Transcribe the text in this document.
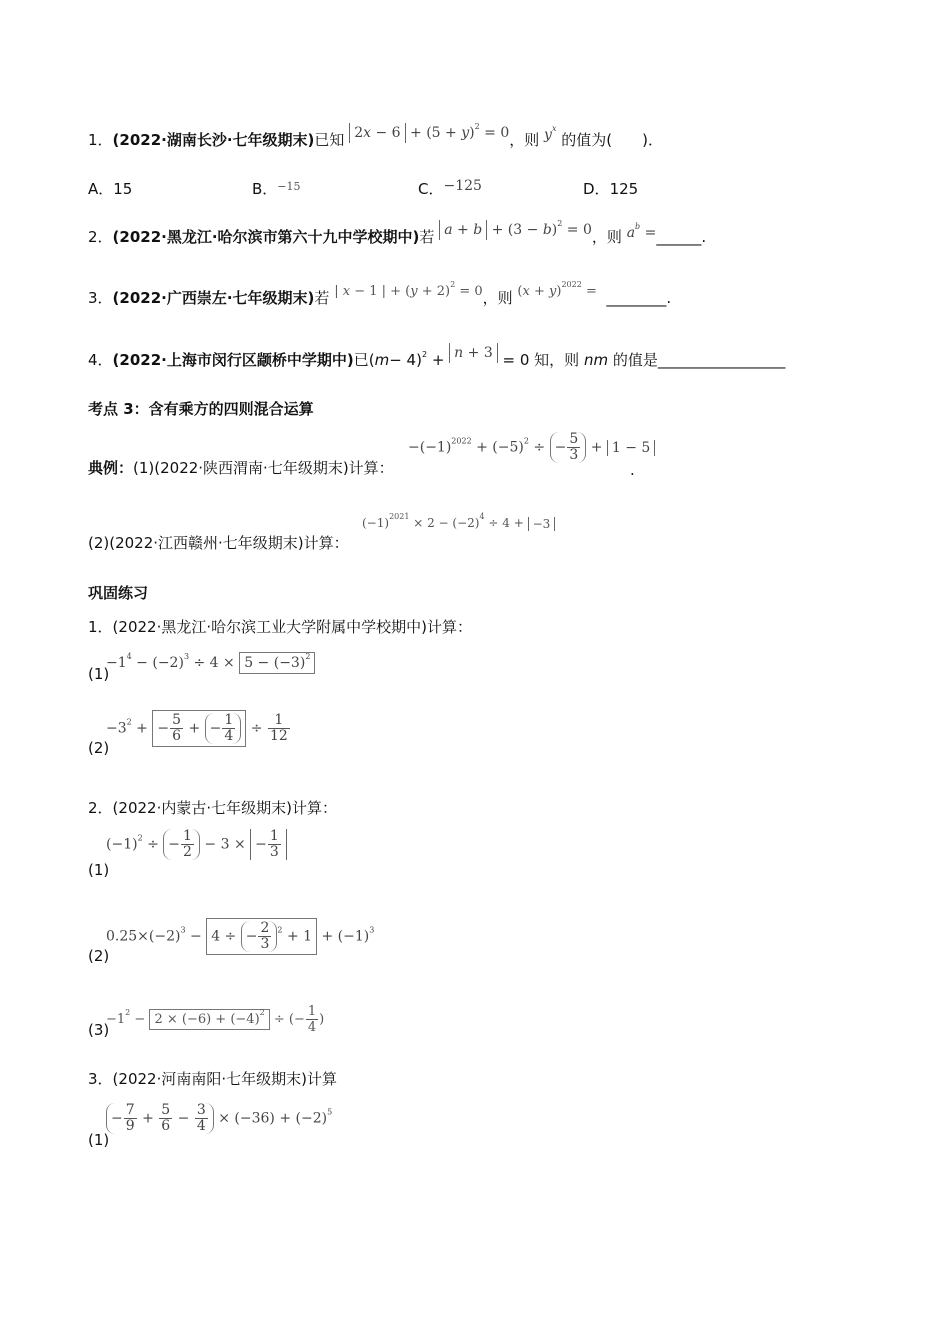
1．(2022·湖南长沙·七年级期末)已知 $2x - 6 + (5 + y)^2 = 0$，则 $y^x$ 的值为(　　)．
A．15	B．$^{-15}$	C．−125	D．125
2．(2022·黑龙江·哈尔滨市第六十九中学校期中)若 $a + b + (3 - b)^2 = 0$，则 $a^b$ =______.
3．(2022·广西崇左·七年级期末)若 | x − 1 | + $(y + 2)^2 = 0$，则 $(x + y)^{2022}$ = ________.
4．(2022·上海市闵行区颛桥中学期中)已$(m- 4)^2 + n + 3 = 0$ 知，则 nm 的值是_________________
考点 3：含有乘方的四则混合运算
典例：(1)(2022·陕西渭南·七年级期末)计算：
$-(-1)^{2022} + (-5)^2$ ÷ − $\frac{5}{3} + 1 - 5$
.
(2)(2022·江西赣州·七年级期末)计算：
$(-1)^{2021} \times 2 - (-2)^4 \div 4 + -3$
巩固练习
1．(2022·黑龙江·哈尔滨工业大学附属中学校期中)计算：
(1)
$-1^4 - (-2)^3 \div 4 \times 5 - (-3)^2$
(2)
$-3^2$ + − $\frac{5}{6}$ + − $\frac{1}{4} \div \frac{1}{12}$
2．(2022·内蒙古·七年级期末)计算：
(1)
$(-1)^2$ ÷ − $\frac{1}{2} - 3$ × − $\frac{1}{3}$
(2)
$0.25\times(-2)^3 - 4$ ÷ − $\frac{2}{3} ^2 + 1 + (-1)^3$
(3)
$-1^2 - 2 \times (-6) + (-4)^2$ ÷ (− $\frac{1}{4}$ )
3．(2022·河南南阳·七年级期末)计算
(1)
− $\frac{7}{9} + \frac{5}{6} - \frac{3}{4} \times (-36) + (-2)^5$
